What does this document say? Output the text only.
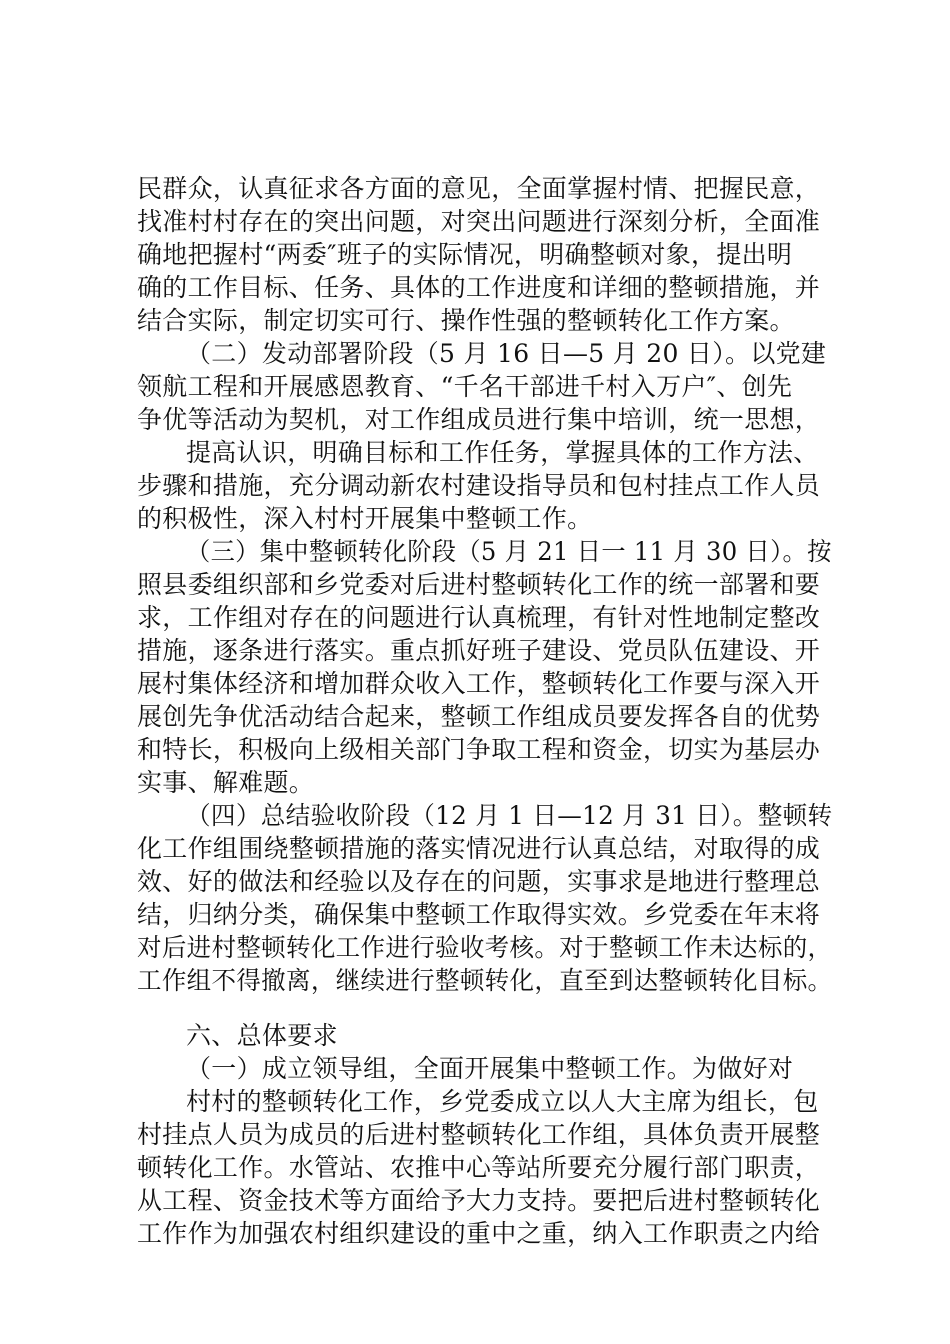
民群众，认真征求各方面的意见，全面掌握村情、把握民意，
找准村村存在的突出问题，对突出问题进行深刻分析，全面准
确地把握村“两委″班子的实际情况，明确整顿对象，提出明
确的工作目标、任务、具体的工作进度和详细的整顿措施，并
结合实际，制定切实可行、操作性强的整顿转化工作方案。
（二）发动部署阶段（5 月 16 日—5 月 20 日）。以党建
领航工程和开展感恩教育、“千名干部进千村入万户″、创先
争优等活动为契机，对工作组成员进行集中培训，统一思想，
提高认识，明确目标和工作任务，掌握具体的工作方法、
步骤和措施，充分调动新农村建设指导员和包村挂点工作人员
的积极性，深入村村开展集中整顿工作。
（三）集中整顿转化阶段（5 月 21 日一 11 月 30 日）。按
照县委组织部和乡党委对后进村整顿转化工作的统一部署和要
求，工作组对存在的问题进行认真梳理，有针对性地制定整改
措施，逐条进行落实。重点抓好班子建设、党员队伍建设、开
展村集体经济和增加群众收入工作，整顿转化工作要与深入开
展创先争优活动结合起来，整顿工作组成员要发挥各自的优势
和特长，积极向上级相关部门争取工程和资金，切实为基层办
实事、解难题。
（四）总结验收阶段（12 月 1 日—12 月 31 日）。整顿转
化工作组围绕整顿措施的落实情况进行认真总结，对取得的成
效、好的做法和经验以及存在的问题，实事求是地进行整理总
结，归纳分类，确保集中整顿工作取得实效。乡党委在年末将
对后进村整顿转化工作进行验收考核。对于整顿工作未达标的，
工作组不得撤离，继续进行整顿转化，直至到达整顿转化目标。
六、总体要求
（一）成立领导组，全面开展集中整顿工作。为做好对
村村的整顿转化工作，乡党委成立以人大主席为组长，包
村挂点人员为成员的后进村整顿转化工作组，具体负责开展整
顿转化工作。水管站、农推中心等站所要充分履行部门职责，
从工程、资金技术等方面给予大力支持。要把后进村整顿转化
工作作为加强农村组织建设的重中之重，纳入工作职责之内给
